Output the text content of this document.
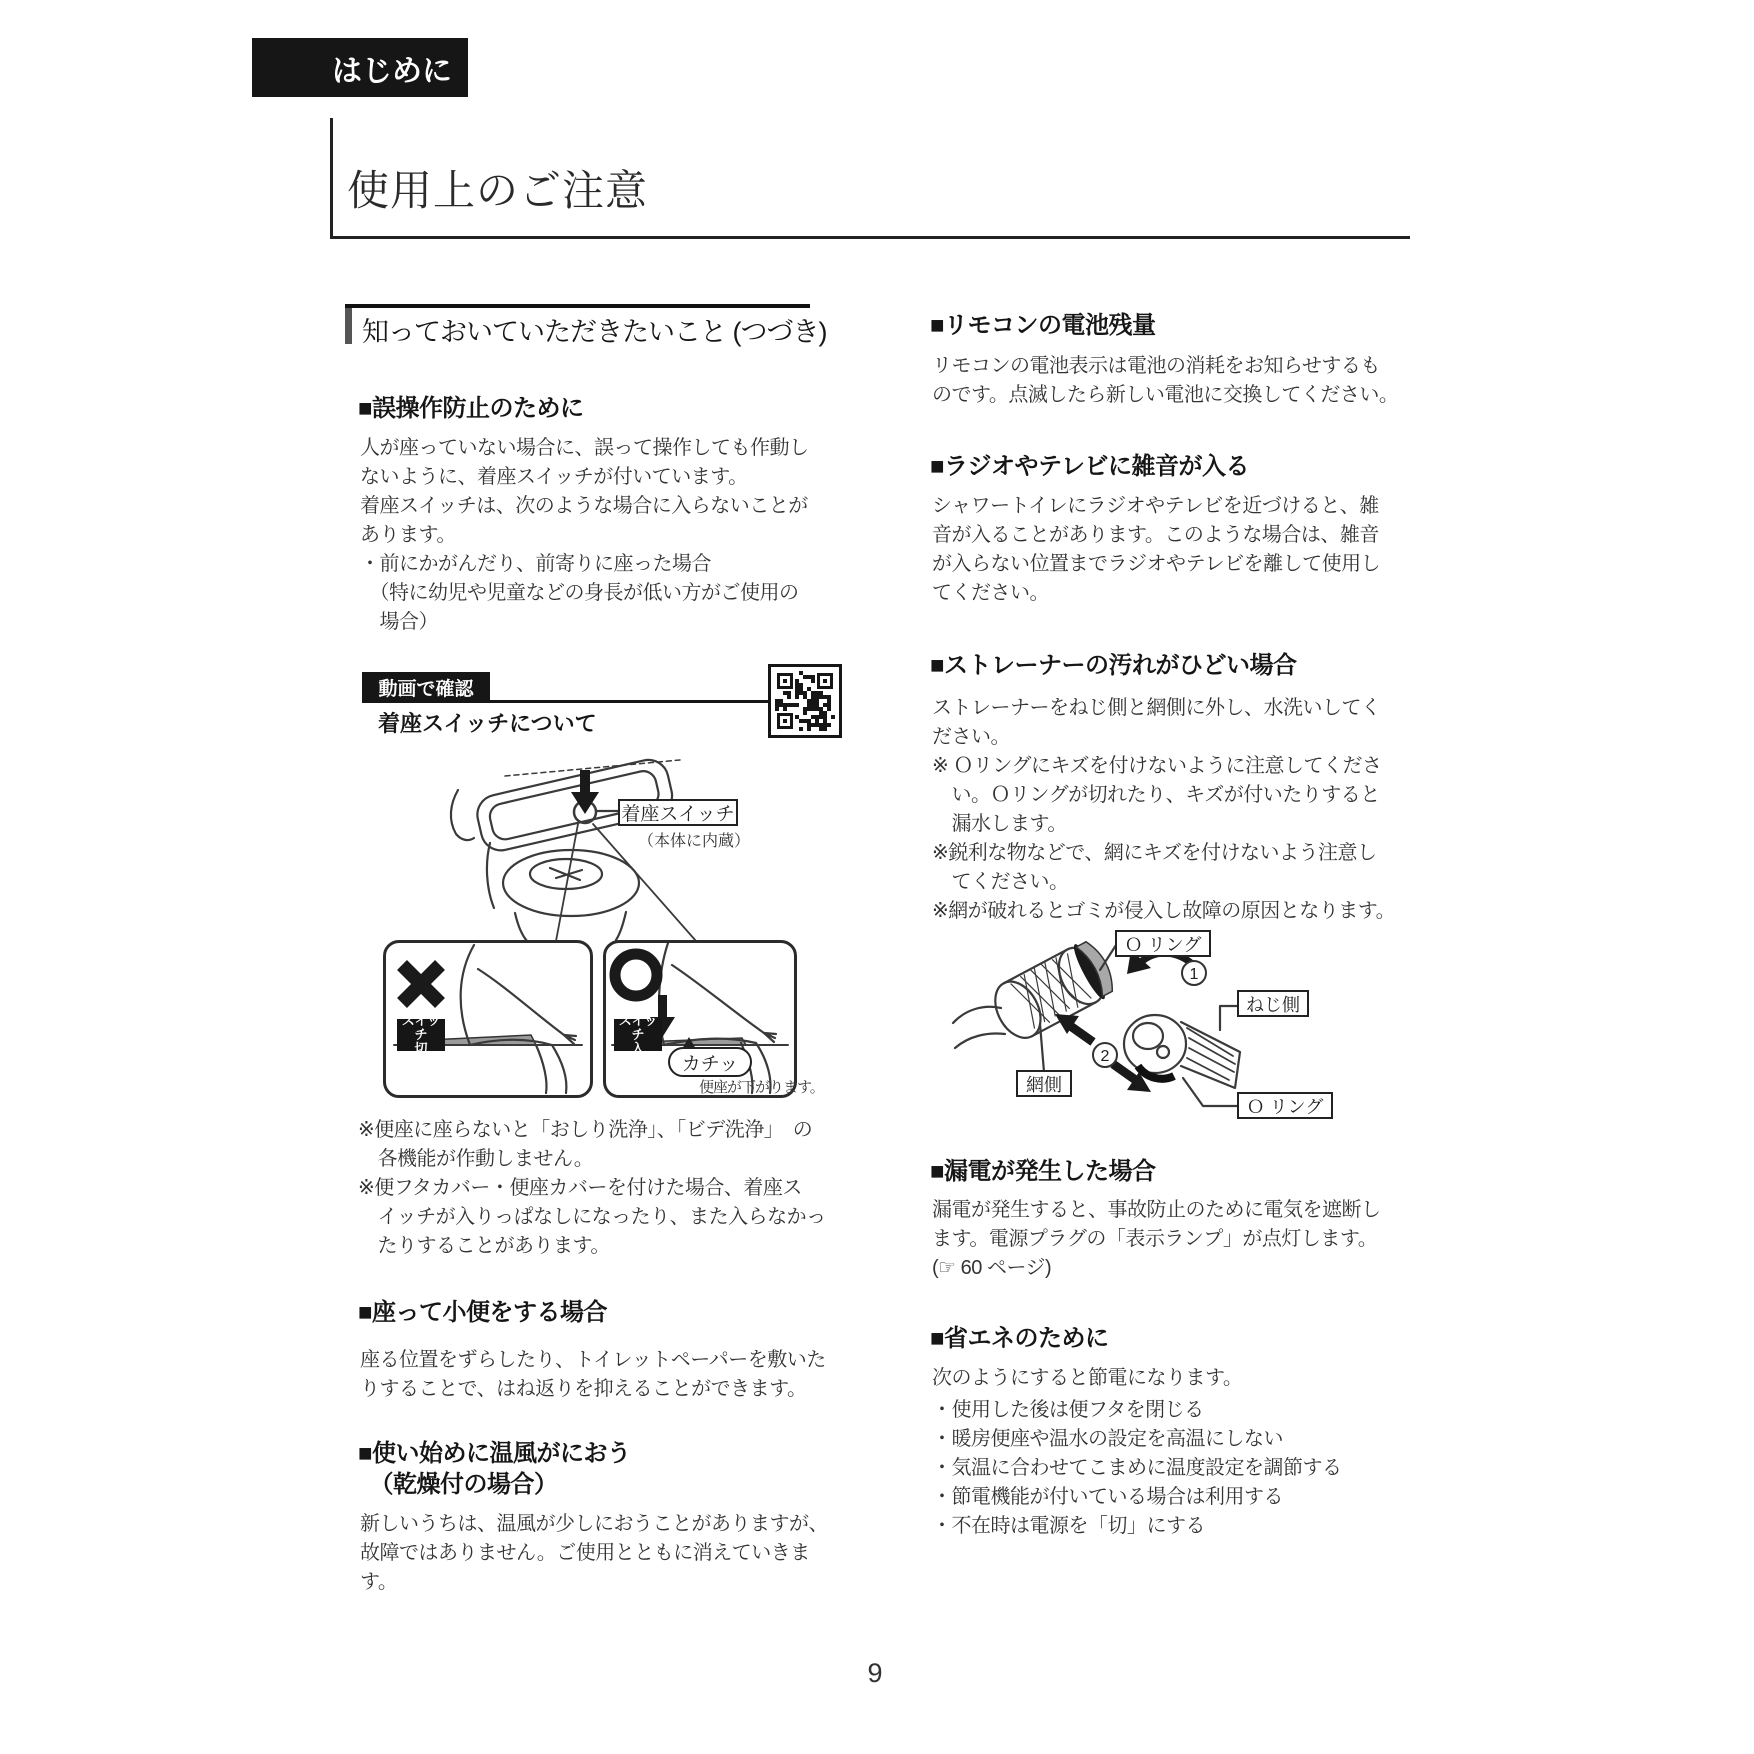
はじめに
使用上のご注意
知っておいていただきたいこと (つづき)
■誤操作防止のために
人が座っていない場合に、誤って操作しても作動し
ないように、着座スイッチが付いています。
着座スイッチは、次のような場合に入らないことが
あります。
・前にかがんだり、前寄りに座った場合
　（特に幼児や児童などの身長が低い方がご使用の
　場合）
動画で確認
着座スイッチについて
着座スイッチ
（本体に内蔵）
スイッチ
切
スイッチ
入
カチッ
便座が下がります。
※便座に座らないと「おしり洗浄」、「ビデ洗浄」　の
　各機能が作動しません。
※便フタカバー・便座カバーを付けた場合、着座ス
　イッチが入りっぱなしになったり、また入らなかっ
　たりすることがあります。
■座って小便をする場合
座る位置をずらしたり、トイレットペーパーを敷いた
りすることで、はね返りを抑えることができます。
■使い始めに温風がにおう
　（乾燥付の場合）
新しいうちは、温風が少しにおうことがありますが、
故障ではありません。ご使用とともに消えていきま
す。
■リモコンの電池残量
リモコンの電池表示は電池の消耗をお知らせするも
のです。点滅したら新しい電池に交換してください。
■ラジオやテレビに雑音が入る
シャワートイレにラジオやテレビを近づけると、雑
音が入ることがあります。このような場合は、雑音
が入らない位置までラジオやテレビを離して使用し
てください。
■ストレーナーの汚れがひどい場合
ストレーナーをねじ側と網側に外し、水洗いしてく
ださい。
※ Ｏリングにキズを付けないように注意してくださ
　い。Ｏリングが切れたり、キズが付いたりすると
　漏水します。
※鋭利な物などで、網にキズを付けないよう注意し
　てください。
※網が破れるとゴミが侵入し故障の原因となります。
1
2
Ｏ リング
ねじ側
網側
Ｏ リング
■漏電が発生した場合
漏電が発生すると、事故防止のために電気を遮断し
ます。電源プラグの「表示ランプ」が点灯します。
(☞ 60 ページ)
■省エネのために
次のようにすると節電になります。
・使用した後は便フタを閉じる
・暖房便座や温水の設定を高温にしない
・気温に合わせてこまめに温度設定を調節する
・節電機能が付いている場合は利用する
・不在時は電源を「切」にする
9
